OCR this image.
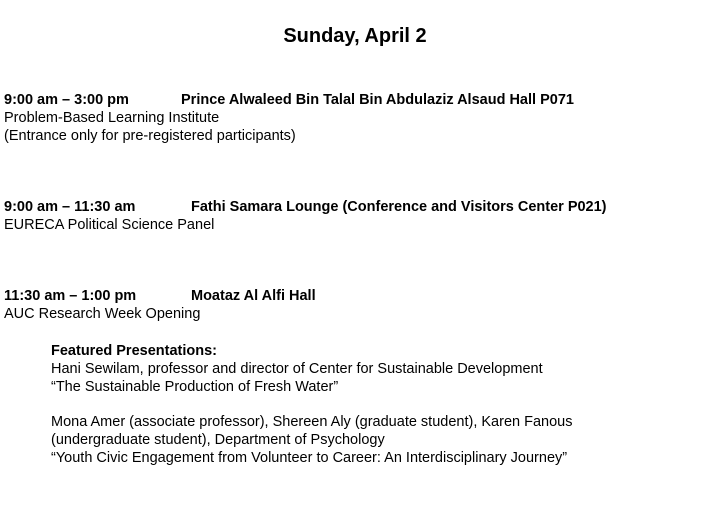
Sunday, April 2
9:00 am – 3:00 pm	Prince Alwaleed Bin Talal Bin Abdulaziz Alsaud Hall P071
Problem-Based Learning Institute
(Entrance only for pre-registered participants)
9:00 am – 11:30 am	Fathi Samara Lounge (Conference and Visitors Center P021)
EURECA Political Science Panel
11:30 am – 1:00 pm	Moataz Al Alfi Hall
AUC Research Week Opening
Featured Presentations:
Hani Sewilam, professor and director of Center for Sustainable Development
“The Sustainable Production of Fresh Water”
Mona Amer (associate professor), Shereen Aly (graduate student), Karen Fanous
(undergraduate student), Department of Psychology
“Youth Civic Engagement from Volunteer to Career: An Interdisciplinary Journey”
